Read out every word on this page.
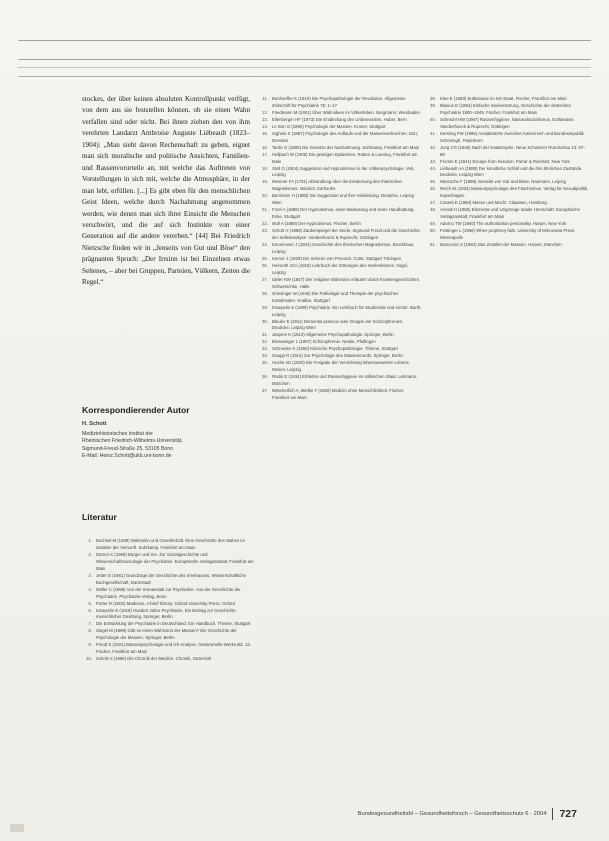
stockes, der über keinen absoluten Kontrollpunkt verfügt, von dem aus sie feststellen können, ob sie einen Wahn verfallen sind oder nicht. Bei ihnen ziehen den von ihm verehrten Landarzt Ambroise Auguste Liébeault (1823–1904): „Man sieht davon Rechenschaft zu geben, eignet man sich moralische und politische Ansichten, Familien- und Rassenvorurteile an, mit welche das Auftreten von Vorstellungen in sich mit, welche die Atmosphäre, in der man lebt, erfüllen. [...] Es gibt eben für den menschlichen Geist Ideen, welche durch Nachahmung angenommen werden, wie denen man sich ihrer Einsicht die Menschen verschwört, und die auf sich Instinkte von einer Generation auf die andere vererben.“ [44] Bei Friedrich Nietzsche finden wir in „Jenseits von Gut und Böse“ den prägnanten Spruch: „Der Irrsinn ist bei Einzelnen etwas Seltenes, – aber bei Gruppen, Parteien, Völkern, Zeiten die Regel.“

Korrespondierender Autor
H. Schott
Medizinhistorisches Institut der
Rheinischen Friedrich-Wilhelms-Universität,
Sigmund-Freud-Straße 25, 53105 Bonn
E-Mail: Heinz.Schott@ukb.uni-bonn.de
Literatur
1. Buchsel M (1939) Wahnsinn und Gesellschaft. Eine Geschichte des Wahns im Zeitalter der Vernunft. Suhrkamp, Frankfurt am Main
2. Dörner K (1969) Bürger und Irre. Zur Sozialgeschichte und Wissenschaftssoziologie der Psychiatrie. Europäische Verlagsanstalt, Frankfurt am Main
3. Jetter D (1981) Grundzüge der Geschichte des Irrenhauses. Wissenschaftliche Buchgesellschaft, Darmstadt
4. Müller C (1998) Von der Irrenanstalt zur Psychiatrie. Aus der Geschichte der Psychiatrie. Psychiatrie-Verlag, Bonn
5. Porter R (2002) Madness. A brief history. Oxford University Press, Oxford
6. Kraepelin E (1918) Hundert Jahre Psychiatrie. Ein Beitrag zur Geschichte menschlicher Gesittung. Springer, Berlin
7. Die Entwicklung der Psychiatrie in Deutschland. Ein Handbuch. Thieme, Stuttgart
8. Siegel M (1999) Gibt es einen Wahnsinn der Massen? Die Geschichte der Psychologie der Massen. Springer, Berlin
9. Freud S (1921) Massenpsychologie und Ich-Analyse. Gesammelte Werke Bd. 13. Fischer, Frankfurt am Main
10. Schott H (1996) Die Chronik der Medizin. Chronik, Gütersloh
11. Bonhoeffer K (1919) Die Psychopathologie der Revolution. Allgemeine Zeitschrift für Psychiatrie 75: 1–17
12. Friedmann M (1901) Über Wahnideen im Völkerleben. Bergmann, Wiesbaden
13. Ellenberger HF (1973) Die Entdeckung des Unbewussten. Huber, Bern
14. Le Bon G (1895) Psychologie der Massen. Kröner, Stuttgart
15. Sighele S (1897) Psychologie des Auflaufs und der Massenverbrechen. Dürr, Dresden
16. Tarde G (1890) Die Gesetze der Nachahmung. Suhrkamp, Frankfurt am Main
17. Hellpach W (1906) Die geistigen Epidemien. Rütten & Loening, Frankfurt am Main
18. Stoll O (1904) Suggestion und Hypnotismus in der Völkerpsychologie. Veit, Leipzig
19. Mesmer FA (1781) Abhandlung über die Entdeckung des thierischen Magnetismus. Macklot, Karlsruhe
20. Bernheim H (1888) Die Suggestion und ihre Heilwirkung. Deuticke, Leipzig Wien
21. Forel A (1889) Der Hypnotismus, seine Bedeutung und seine Handhabung. Enke, Stuttgart
22. Moll A (1889) Der Hypnotismus. Fischer, Berlin
23. Schott H (1998) Zauberspiegel der Seele. Sigmund Freud und die Geschichte der Selbstanalyse. Vandenhoeck & Ruprecht, Göttingen
24. Ennemoser J (1844) Geschichte des thierischen Magnetismus. Brockhaus, Leipzig
25. Kerner J (1829) Die Seherin von Prevorst. Cotta, Stuttgart Tübingen
26. Heinroth JCA (1818) Lehrbuch der Störungen des Seelenlebens. Vogel, Leipzig
27. Ideler KW (1847) Der religiöse Wahnsinn erläutert durch Krankengeschichten. Schwetschke, Halle
28. Griesinger W (1845) Die Pathologie und Therapie der psychischen Krankheiten. Krabbe, Stuttgart
29. Kraepelin E (1899) Psychiatrie. Ein Lehrbuch für Studirende und Aerzte. Barth, Leipzig
30. Bleuler E (1911) Dementia praecox oder Gruppe der Schizophrenien. Deuticke, Leipzig Wien
31. Jaspers K (1913) Allgemeine Psychopathologie. Springer, Berlin
32. Binswanger L (1957) Schizophrenie. Neske, Pfullingen
33. Schneider K (1950) Klinische Psychopathologie. Thieme, Stuttgart
34. Gaupp R (1914) Zur Psychologie des Massenmords. Springer, Berlin
35. Hoche AE (1920) Die Freigabe der Vernichtung lebensunwerten Lebens. Meiner, Leipzig
36. Rüdin E (1934) Erblehre und Rassenhygiene im völkischen Staat. Lehmann, München
37. Mitscherlich A, Mielke F (1960) Medizin ohne Menschlichkeit. Fischer, Frankfurt am Main
38. Klee E (1983) Euthanasie im NS-Staat. Fischer, Frankfurt am Main
39. Blasius D (1994) Einfache Seelenstörung. Geschichte der deutschen Psychiatrie 1800–1945. Fischer, Frankfurt am Main
40. Schmuhl HW (1987) Rassenhygiene, Nationalsozialismus, Euthanasie. Vandenhoeck & Ruprecht, Göttingen
41. Kersting FW (1996) Anstaltsärzte zwischen Kaiserreich und Bundesrepublik. Schöningh, Paderborn
42. Jung CG (1946) Nach der Katastrophe. Neue Schweizer Rundschau 13: 67–88
43. Fromm E (1941) Escape from freedom. Farrar & Rinehart, New York
44. Liébeault AA (1889) Der künstliche Schlaf und die ihm ähnlichen Zustände. Deuticke, Leipzig Wien
45. Nietzsche F (1886) Jenseits von Gut und Böse. Naumann, Leipzig
46. Reich W (1933) Massenpsychologie des Faschismus. Verlag für Sexualpolitik, Kopenhagen
47. Canetti E (1960) Masse und Macht. Claassen, Hamburg
48. Arendt H (1955) Elemente und Ursprünge totaler Herrschaft. Europäische Verlagsanstalt, Frankfurt am Main
49. Adorno TW (1950) The authoritarian personality. Harper, New York
50. Festinger L (1956) When prophecy fails. University of Minnesota Press, Minneapolis
51. Moscovici S (1984) Das Zeitalter der Massen. Hanser, München
Bundesgesundheitsbl – Gesundheitsforsch – Gesundheitsschutz 6 · 2004 727
